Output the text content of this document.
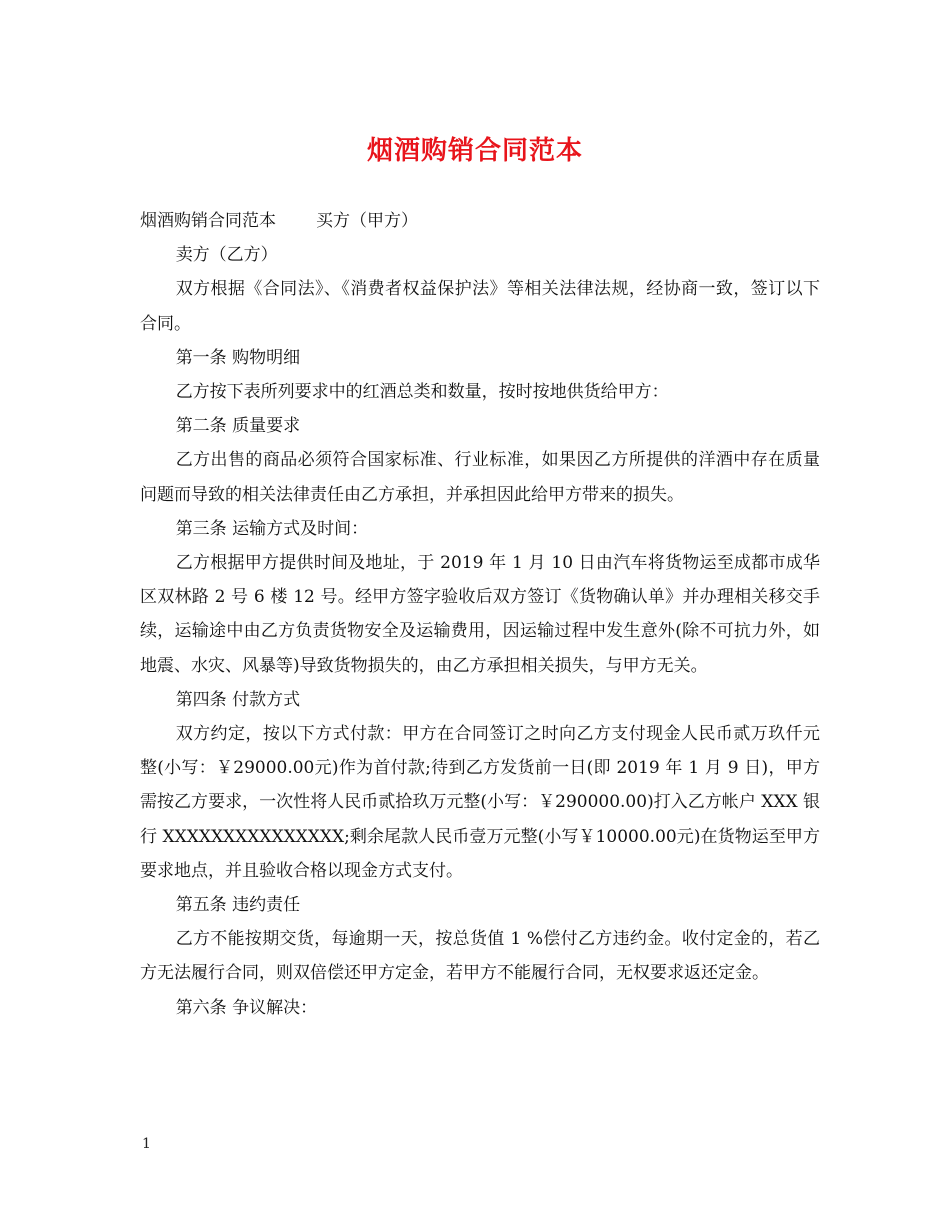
烟酒购销合同范本

烟酒购销合同范本 买方（甲方）

卖方（乙方）

双方根据《合同法》、《消费者权益保护法》等相关法律法规，经协商一致，签订以下合同。

第一条 购物明细

乙方按下表所列要求中的红酒总类和数量，按时按地供货给甲方：

第二条 质量要求

乙方出售的商品必须符合国家标准、行业标准，如果因乙方所提供的洋酒中存在质量问题而导致的相关法律责任由乙方承担，并承担因此给甲方带来的损失。

第三条 运输方式及时间：

乙方根据甲方提供时间及地址，于 2019 年 1 月 10 日由汽车将货物运至成都市成华区双林路 2 号 6 楼 12 号。经甲方签字验收后双方签订《货物确认单》并办理相关移交手续，运输途中由乙方负责货物安全及运输费用，因运输过程中发生意外(除不可抗力外，如地震、水灾、风暴等)导致货物损失的，由乙方承担相关损失，与甲方无关。

第四条 付款方式

双方约定，按以下方式付款：甲方在合同签订之时向乙方支付现金人民币贰万玖仟元整(小写：￥29000.00元)作为首付款;待到乙方发货前一日(即 2019 年 1 月 9 日)，甲方需按乙方要求，一次性将人民币贰拾玖万元整(小写：￥290000.00)打入乙方帐户 XXX 银行 XXXXXXXXXXXXXXX;剩余尾款人民币壹万元整(小写￥10000.00元)在货物运至甲方要求地点，并且验收合格以现金方式支付。

第五条 违约责任

乙方不能按期交货，每逾期一天，按总货值 1 %偿付乙方违约金。收付定金的，若乙方无法履行合同，则双倍偿还甲方定金，若甲方不能履行合同，无权要求返还定金。

第六条 争议解决：

1
